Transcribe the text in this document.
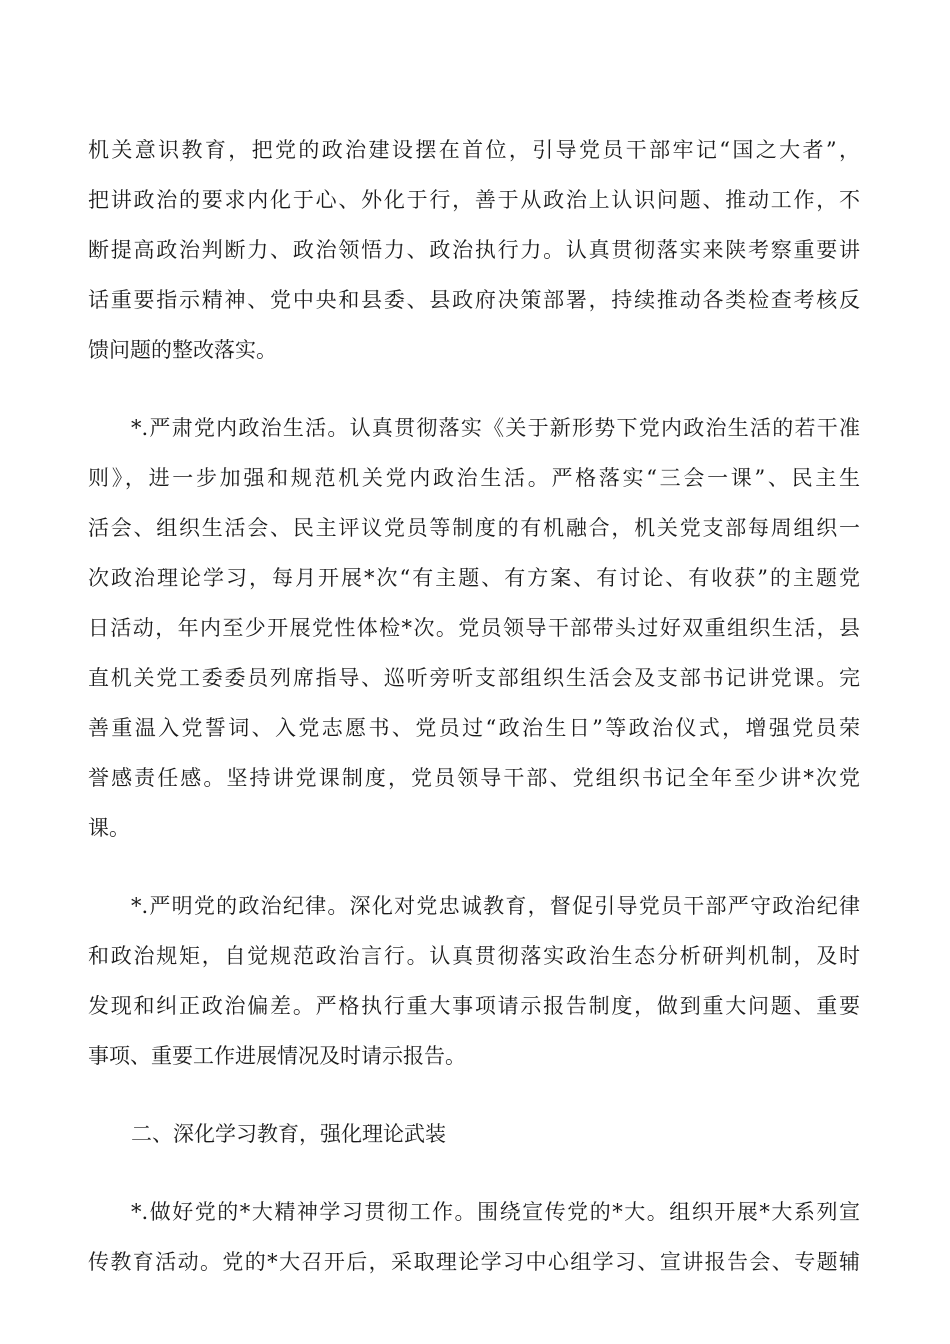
机关意识教育，把党的政治建设摆在首位，引导党员干部牢记“国之大者”，
把讲政治的要求内化于心、外化于行，善于从政治上认识问题、推动工作，不
断提高政治判断力、政治领悟力、政治执行力。认真贯彻落实来陕考察重要讲
话重要指示精神、党中央和县委、县政府决策部署，持续推动各类检查考核反
馈问题的整改落实。
*.严肃党内政治生活。认真贯彻落实《关于新形势下党内政治生活的若干准
则》，进一步加强和规范机关党内政治生活。严格落实“三会一课”、民主生
活会、组织生活会、民主评议党员等制度的有机融合，机关党支部每周组织一
次政治理论学习，每月开展*次“有主题、有方案、有讨论、有收获”的主题党
日活动，年内至少开展党性体检*次。党员领导干部带头过好双重组织生活，县
直机关党工委委员列席指导、巡听旁听支部组织生活会及支部书记讲党课。完
善重温入党誓词、入党志愿书、党员过“政治生日”等政治仪式，增强党员荣
誉感责任感。坚持讲党课制度，党员领导干部、党组织书记全年至少讲*次党
课。
*.严明党的政治纪律。深化对党忠诚教育，督促引导党员干部严守政治纪律
和政治规矩，自觉规范政治言行。认真贯彻落实政治生态分析研判机制，及时
发现和纠正政治偏差。严格执行重大事项请示报告制度，做到重大问题、重要
事项、重要工作进展情况及时请示报告。
二、深化学习教育，强化理论武装
*.做好党的*大精神学习贯彻工作。围绕宣传党的*大。组织开展*大系列宣
传教育活动。党的*大召开后，采取理论学习中心组学习、宣讲报告会、专题辅
